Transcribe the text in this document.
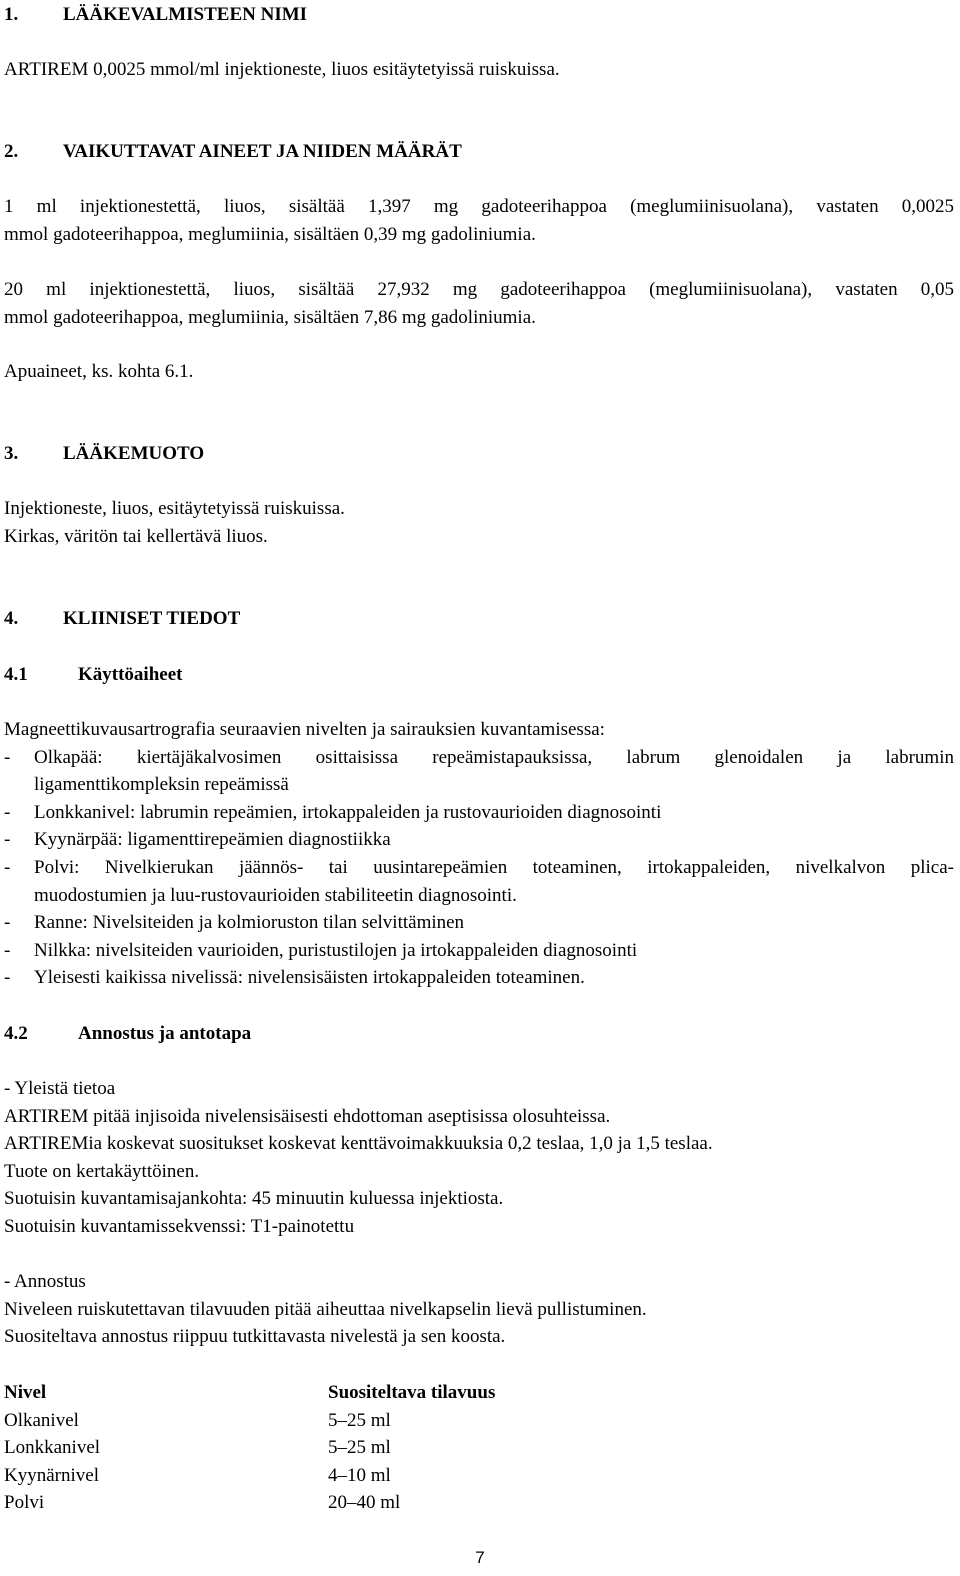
1.	LÄÄKEVALMISTEEN NIMI
ARTIREM 0,0025 mmol/ml injektioneste, liuos esitäytetyissä ruiskuissa.
2.	VAIKUTTAVAT AINEET JA NIIDEN MÄÄRÄT
1 ml injektionestettä, liuos, sisältää 1,397 mg gadoteerihappoa (meglumiinisuolana), vastaten 0,0025
mmol gadoteerihappoa, meglumiinia, sisältäen 0,39 mg gadoliniumia.
20 ml injektionestettä, liuos, sisältää 27,932 mg gadoteerihappoa (meglumiinisuolana), vastaten 0,05
mmol gadoteerihappoa, meglumiinia, sisältäen 7,86 mg gadoliniumia.
Apuaineet, ks. kohta 6.1.
3.	LÄÄKEMUOTO
Injektioneste, liuos, esitäytetyissä ruiskuissa.
Kirkas, väritön tai kellertävä liuos.
4.	KLIINISET TIEDOT
4.1	Käyttöaiheet
Magneettikuvausartrografia seuraavien nivelten ja sairauksien kuvantamisessa:
-	Olkapää: kiertäjäkalvosimen osittaisissa repeämistapauksissa, labrum glenoidalen ja labrumin
ligamenttikompleksin repeämissä
-	Lonkkanivel: labrumin repeämien, irtokappaleiden ja rustovaurioiden diagnosointi
-	Kyynärpää: ligamenttirepeämien diagnostiikka
-	Polvi: Nivelkierukan jäännös- tai uusintarepeämien toteaminen, irtokappaleiden, nivelkalvon plica-
muodostumien ja luu-rustovaurioiden stabiliteetin diagnosointi.
-	Ranne: Nivelsiteiden ja kolmioruston tilan selvittäminen
-	Nilkka: nivelsiteiden vaurioiden, puristustilojen ja irtokappaleiden diagnosointi
-	Yleisesti kaikissa nivelissä: nivelensisäisten irtokappaleiden toteaminen.
4.2	Annostus ja antotapa
- Yleistä tietoa
ARTIREM pitää injisoida nivelensisäisesti ehdottoman aseptisissa olosuhteissa.
ARTIREMia koskevat suositukset koskevat kenttävoimakkuuksia 0,2 teslaa, 1,0 ja 1,5 teslaa.
Tuote on kertakäyttöinen.
Suotuisin kuvantamisajankohta: 45 minuutin kuluessa injektiosta.
Suotuisin kuvantamissekvenssi: T1-painotettu
- Annostus
Niveleen ruiskutettavan tilavuuden pitää aiheuttaa nivelkapselin lievä pullistuminen.
Suositeltava annostus riippuu tutkittavasta nivelestä ja sen koosta.
Nivel	Suositeltava tilavuus
Olkanivel	5–25 ml
Lonkkanivel	5–25 ml
Kyynärnivel	4–10 ml
Polvi	20–40 ml
7
